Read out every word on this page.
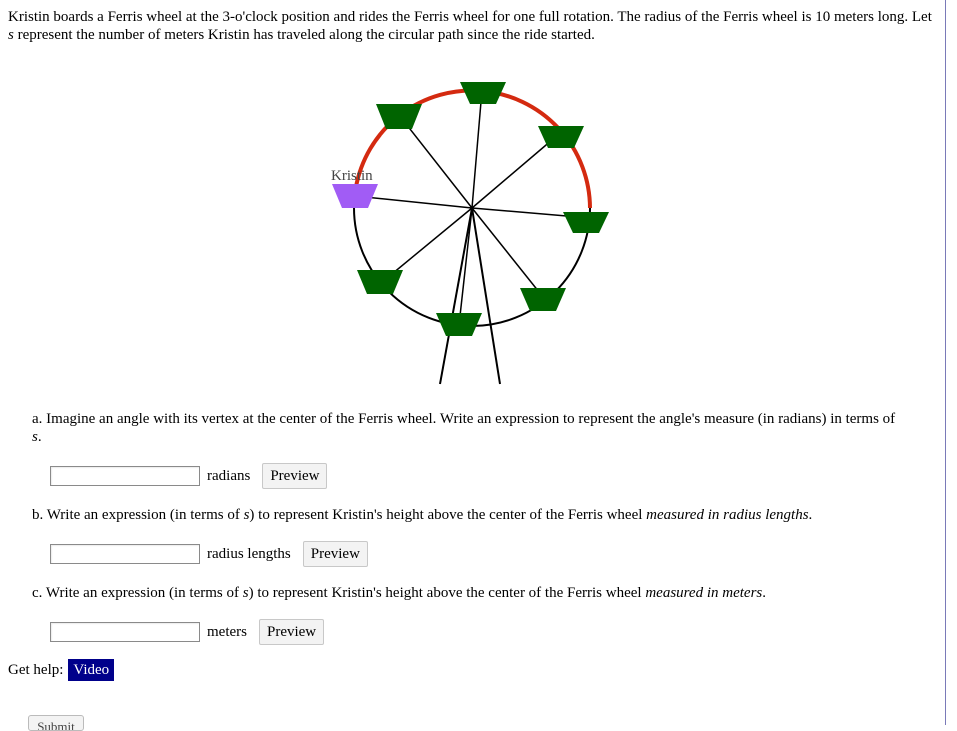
Kristin boards a Ferris wheel at the 3-o'clock position and rides the Ferris wheel for one full rotation. The radius of the Ferris wheel is 10 meters long. Let s represent the number of meters Kristin has traveled along the circular path since the ride started.
Kristin
a. Imagine an angle with its vertex at the center of the Ferris wheel. Write an expression to represent the angle's measure (in radians) in terms of s.
radians	Preview
b. Write an expression (in terms of s) to represent Kristin's height above the center of the Ferris wheel measured in radius lengths.
radius lengths	Preview
c. Write an expression (in terms of s) to represent Kristin's height above the center of the Ferris wheel measured in meters.
meters	Preview
Get help: Video
Submit
